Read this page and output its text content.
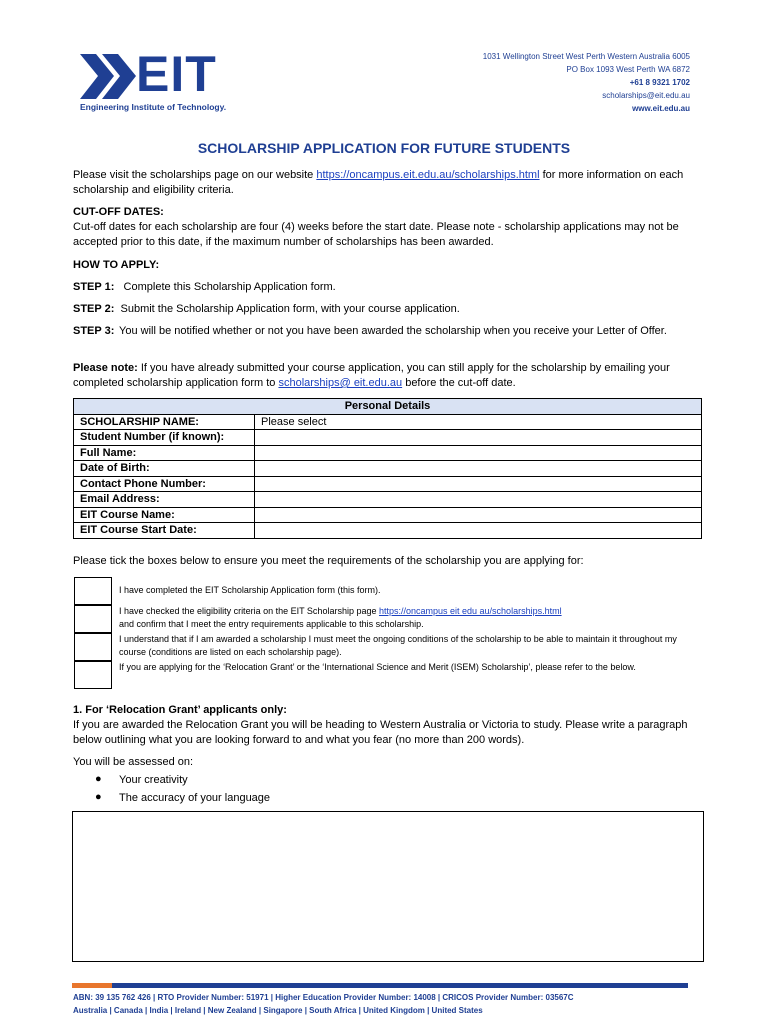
EIT
Engineering Institute of Technology.
1031 Wellington Street West Perth Western Australia 6005
PO Box 1093 West Perth WA 6872
+61 8 9321 1702
scholarships@eit.edu.au
www.eit.edu.au
SCHOLARSHIP APPLICATION FOR FUTURE STUDENTS
Please visit the scholarships page on our website https://oncampus.eit.edu.au/scholarships.html for more information on each scholarship and eligibility criteria.
CUT-OFF DATES:
Cut-off dates for each scholarship are four (4) weeks before the start date. Please note - scholarship applications may not be accepted prior to this date, if the maximum number of scholarships has been awarded.
HOW TO APPLY:
STEP 1: Complete this Scholarship Application form.
STEP 2: Submit the Scholarship Application form, with your course application.
STEP 3: You will be notified whether or not you have been awarded the scholarship when you receive your Letter of Offer.
Please note: If you have already submitted your course application, you can still apply for the scholarship by emailing your completed scholarship application form to scholarships@ eit.edu.au before the cut-off date.
Personal Details	
SCHOLARSHIP NAME:	Please select
Student Number (if known):	
Full Name:	
Date of Birth:	
Contact Phone Number:	
Email Address:	
EIT Course Name:	
EIT Course Start Date:	
Please tick the boxes below to ensure you meet the requirements of the scholarship you are applying for:
I have completed the EIT Scholarship Application form (this form).
I have checked the eligibility criteria on the EIT Scholarship page https://oncampus eit edu au/scholarships.html
and confirm that I meet the entry requirements applicable to this scholarship.
I understand that if I am awarded a scholarship I must meet the ongoing conditions of the scholarship to be able to maintain it throughout my course (conditions are listed on each scholarship page).
If you are applying for the ‘Relocation Grant’ or the ‘International Science and Merit (ISEM) Scholarship’, please refer to the below.
1. For ‘Relocation Grant’ applicants only:
If you are awarded the Relocation Grant you will be heading to Western Australia or Victoria to study. Please write a paragraph below outlining what you are looking forward to and what you fear (no more than 200 words).
You will be assessed on:
● Your creativity
● The accuracy of your language
ABN: 39 135 762 426 | RTO Provider Number: 51971 | Higher Education Provider Number: 14008 | CRICOS Provider Number: 03567C
Australia | Canada | India | Ireland | New Zealand | Singapore | South Africa | United Kingdom | United States
